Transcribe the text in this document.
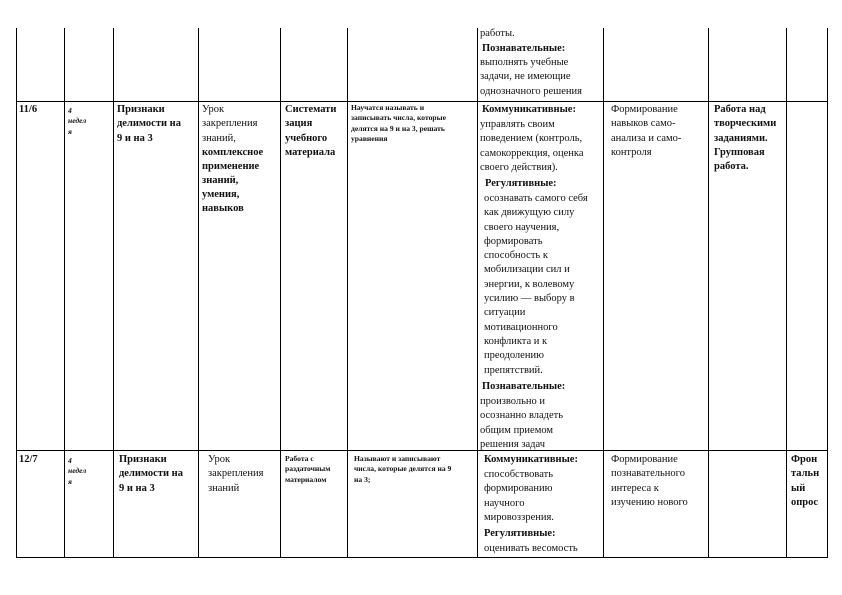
работы.
Познавательные:
выполнять учебные
задачи, не имеющие
однозначного решения
11/6	4
недел
я
Признаки
делимости на
9 и на 3
Урок
закрепления
знаний,
комплексное
применение
знаний,
умения,
навыков
Системати
зация
учебного
материала
Научатся называть и
записывать числа, которые
делятся на 9 и на 3, решать
уравнения
Коммуникативные:
управлять своим
поведением (контроль,
самокоррекция, оценка
своего действия).
Регулятивные:
осознавать самого себя
как движущую силу
своего научения,
формировать
способность к
мобилизации сил и
энергии, к волевому
усилию — выбору в
ситуации
мотивационного
конфликта и к
преодолению
препятствий.
Познавательные:
произвольно и
осознанно владеть
общим приемом
решения задач
Формирование
навыков само-
анализа и само-
контроля
Работа над
творческими
заданиями.
Групповая
работа.
12/7	4
недел
я
Признаки
делимости на
9 и на 3
Урок
закрепления
знаний
Работа с
раздаточным
материалом
Называют и записывают
числа, которые делятся на 9
на 3;
Коммуникативные:
способствовать
формированию
научного
мировоззрения.
Регулятивные:
оценивать весомость
Формирование
познавательного
интереса к
изучению нового
Фрон
тальн
ый
опрос
